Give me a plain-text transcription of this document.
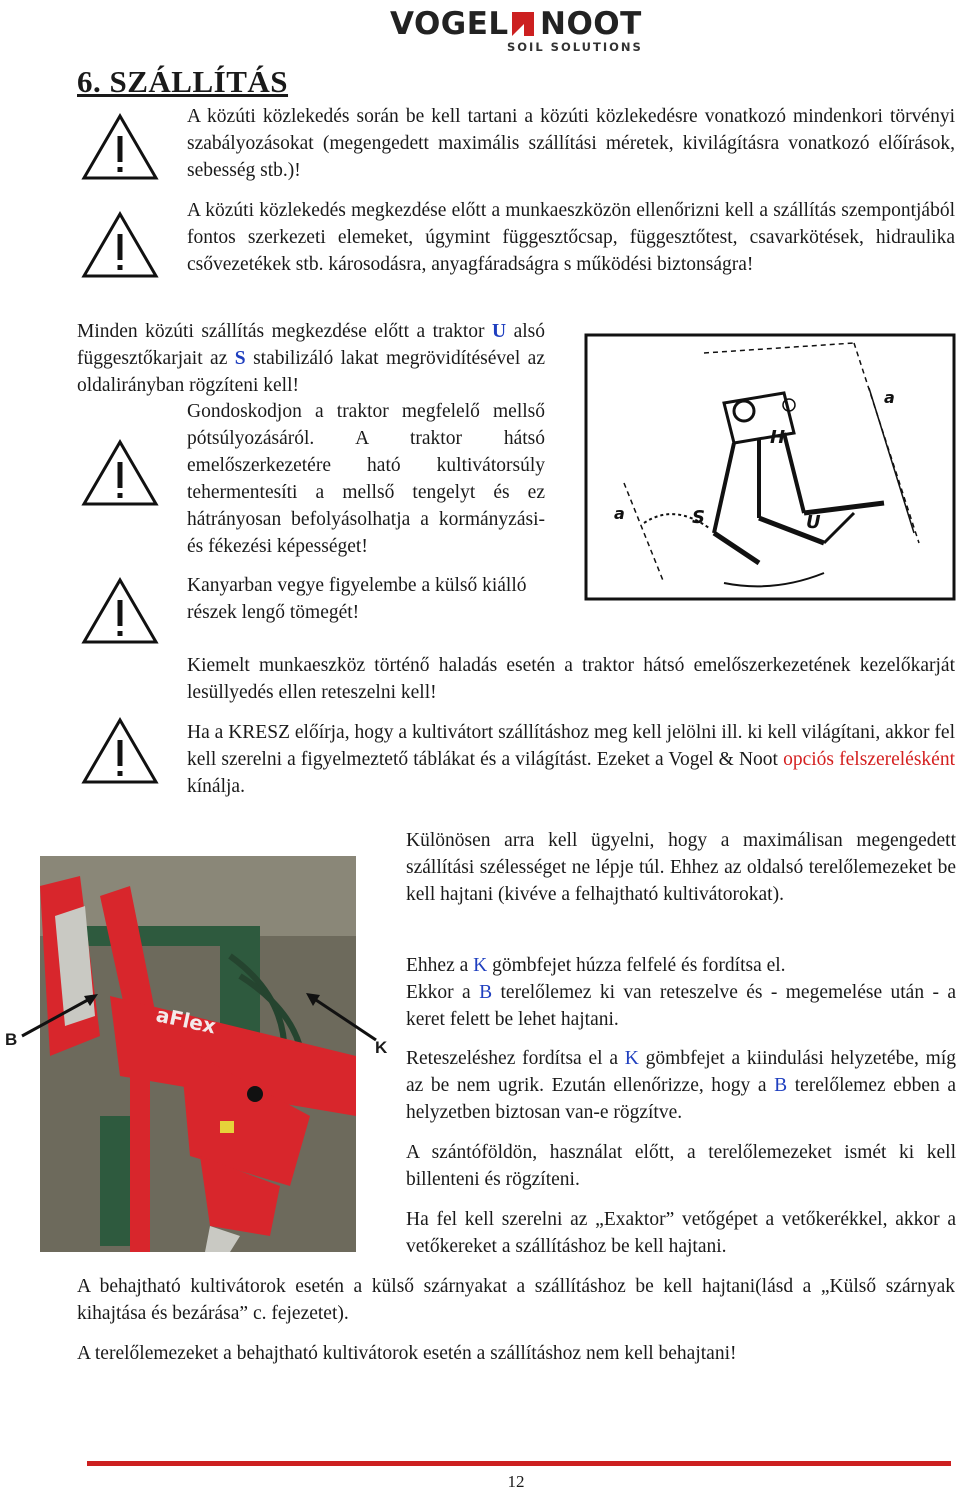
VOGEL NOOT
SOIL SOLUTIONS
6. SZÁLLÍTÁS

A közúti közlekedés során be kell tartani a közúti közlekedésre vonatkozó mindenkori törvényi szabályozásokat (megengedett maximális szállítási méretek, kivilágításra vonatkozó előírások, sebesség stb.)!

A közúti közlekedés megkezdése előtt a munkaeszközön ellenőrizni kell a szállítás szempontjából fontos szerkezeti elemeket, úgymint függesztőcsap, függesztőtest, csavarkötések, hidraulika csővezetékek stb. károsodásra, anyagfáradságra s működési biztonságra!

Minden közúti szállítás megkezdése előtt a traktor U alsó függesztőkarjait az S stabilizáló lakat megrövidítésével az oldalirányban rögzíteni kell!

Gondoskodjon a traktor megfelelő mellső pótsúlyozásáról. A traktor hátsó emelőszerkezetére ható kultivátorsúly tehermentesíti a mellső tengelyt és ez hátrányosan befolyásolhatja a kormányzási- és fékezési képességet!

Kanyarban vegye figyelembe a külső kiálló részek lengő tömegét!

a
H
a	S	U

Kiemelt munkaeszköz történő haladás esetén a traktor hátsó emelőszerkezetének kezelőkarját lesüllyedés ellen reteszelni kell!

Ha a KRESZ előírja, hogy a kultivátort szállításhoz meg kell jelölni ill. ki kell világítani, akkor fel kell szerelni a figyelmeztető táblákat és a világítást. Ezeket a Vogel & Noot opciós felszerelésként kínálja.

aFlex
B	K

Különösen arra kell ügyelni, hogy a maximálisan megengedett szállítási szélességet ne lépje túl. Ehhez az oldalsó terelőlemezeket be kell hajtani (kivéve a felhajtható kultivátorokat).

Ehhez a K gömbfejet húzza felfelé és fordítsa el.
Ekkor a B terelőlemez ki van reteszelve és - megemelése után - a keret felett be lehet hajtani.

Reteszeléshez fordítsa el a K gömbfejet a kiindulási helyzetébe, míg az be nem ugrik. Ezután ellenőrizze, hogy a B terelőlemez ebben a helyzetben biztosan van-e rögzítve.

A szántóföldön, használat előtt, a terelőlemezeket ismét ki kell billenteni és rögzíteni.

Ha fel kell szerelni az „Exaktor” vetőgépet a vetőkerékkel, akkor a vetőkereket a szállításhoz be kell hajtani.

A behajtható kultivátorok esetén a külső szárnyakat a szállításhoz be kell hajtani(lásd a „Külső szárnyak kihajtása és bezárása” c. fejezetet).

A terelőlemezeket a behajtható kultivátorok esetén a szállításhoz nem kell behajtani!

12
